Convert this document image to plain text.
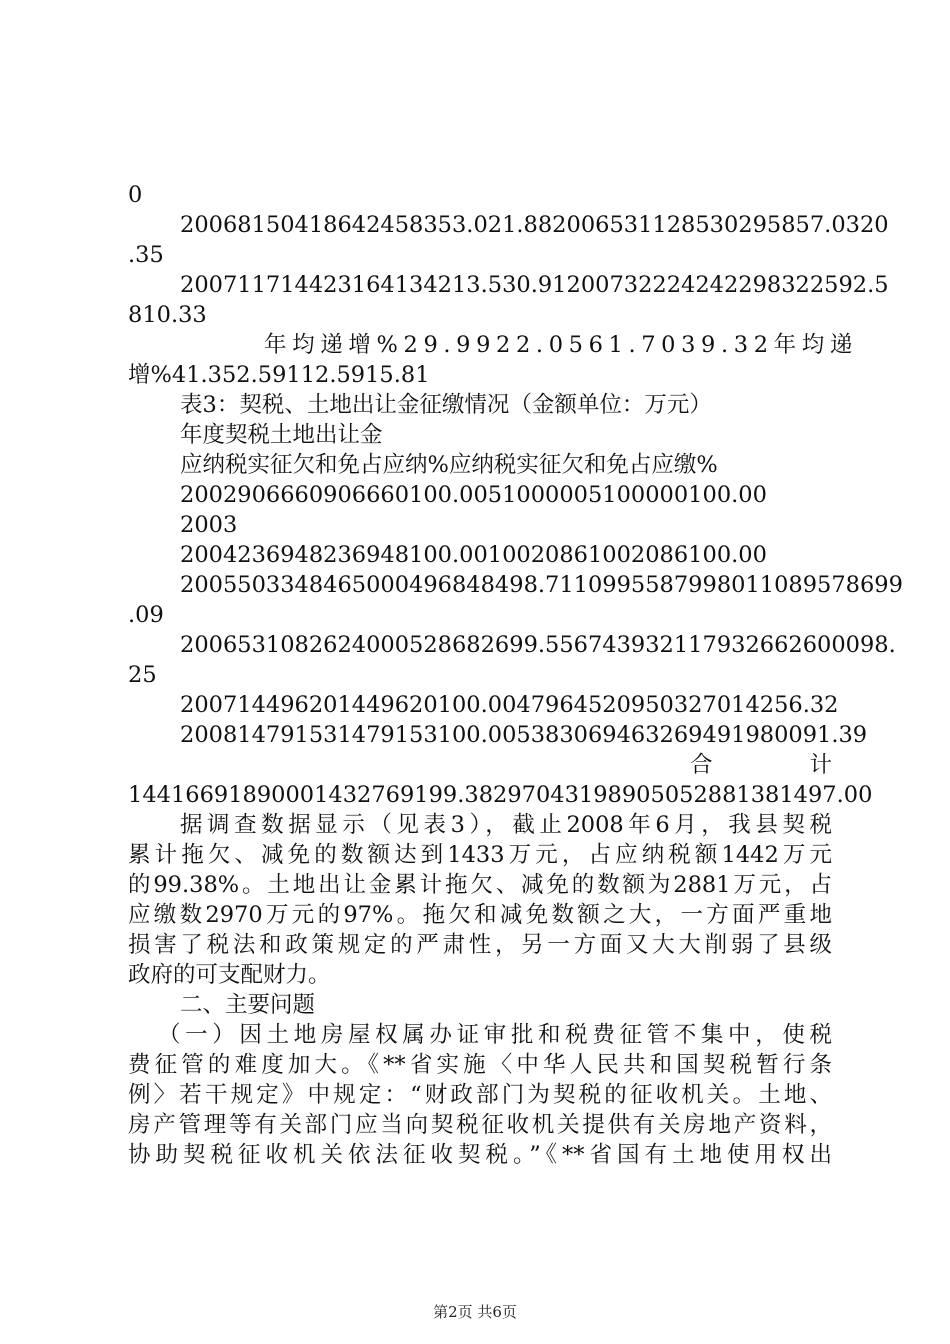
0
20068150418642458353.021.88200653112853029585​7.0320
.35
20071171442316413421​3.530.91200732224242298322592.5
810.33
年均递增%29.9922.0561.7039.32年均递
增%41.352.59112.5915.81
表3：契税、土地出让金征缴情况（金额单位：万元）
年度契税土地出让金
应纳税实征欠和免占应纳%应纳税实征欠和免占应缴%
200290666090666010​0.005100000510000010​0.00
2003
20042369482369481​00.0010020861002086100.00
20055033484650004968484​98.711099558799801108957869​9
.09
20065310826240005286826​99.55674393211793266260009​8.
25
20071449620144962010​0.00479645209503270142​56.32
2008147915314791531​00.0053830694632694919800​91.39
合计
1441669189000143276919​9.3829704319890505288138149​7.00
据调查数据显示（见表3），截止2008年6月，我县契税
累计拖欠、减免的数额达到1433万元，占应纳税额1442万元
的99.38%。土地出让金累计拖欠、减免的数额为2881万元，占
应缴数2970万元的97%。拖欠和减免数额之大，一方面严重地
损害了税法和政策规定的严肃性，另一方面又大大削弱了县级
政府的可支配财力。
二、主要问题
（一）因土地房屋权属办证审批和税费征管不集中，使税
费征管的难度加大。《**省实施〈中华人民共和国契税暂行条
例〉若干规定》中规定：“财政部门为契税的征收机关。土地、
房产管理等有关部门应当向契税征收机关提供有关房地产资料，
协助契税征收机关依法征收契税。”《**省国有土地使用权出
第2页 共6页
